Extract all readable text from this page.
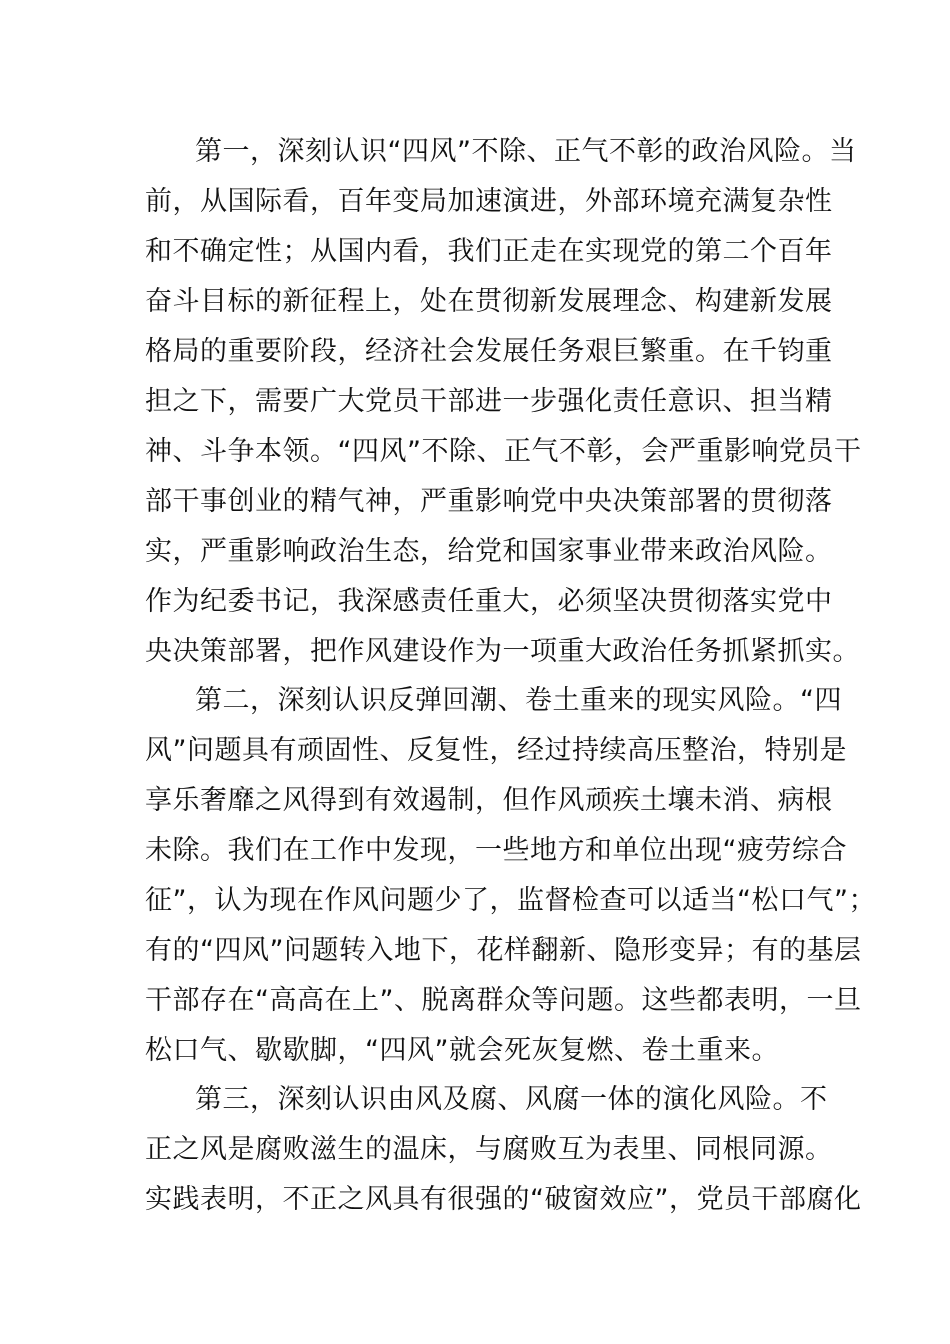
第一，深刻认识“四风”不除、正气不彰的政治风险。当
前，从国际看，百年变局加速演进，外部环境充满复杂性
和不确定性；从国内看，我们正走在实现党的第二个百年
奋斗目标的新征程上，处在贯彻新发展理念、构建新发展
格局的重要阶段，经济社会发展任务艰巨繁重。在千钧重
担之下，需要广大党员干部进一步强化责任意识、担当精
神、斗争本领。“四风”不除、正气不彰，会严重影响党员干
部干事创业的精气神，严重影响党中央决策部署的贯彻落
实，严重影响政治生态，给党和国家事业带来政治风险。
作为纪委书记，我深感责任重大，必须坚决贯彻落实党中
央决策部署，把作风建设作为一项重大政治任务抓紧抓实。
第二，深刻认识反弹回潮、卷土重来的现实风险。“四
风”问题具有顽固性、反复性，经过持续高压整治，特别是
享乐奢靡之风得到有效遏制，但作风顽疾土壤未消、病根
未除。我们在工作中发现，一些地方和单位出现“疲劳综合
征”，认为现在作风问题少了，监督检查可以适当“松口气”；
有的“四风”问题转入地下，花样翻新、隐形变异；有的基层
干部存在“高高在上”、脱离群众等问题。这些都表明，一旦
松口气、歇歇脚，“四风”就会死灰复燃、卷土重来。
第三，深刻认识由风及腐、风腐一体的演化风险。不
正之风是腐败滋生的温床，与腐败互为表里、同根同源。
实践表明，不正之风具有很强的“破窗效应”，党员干部腐化
